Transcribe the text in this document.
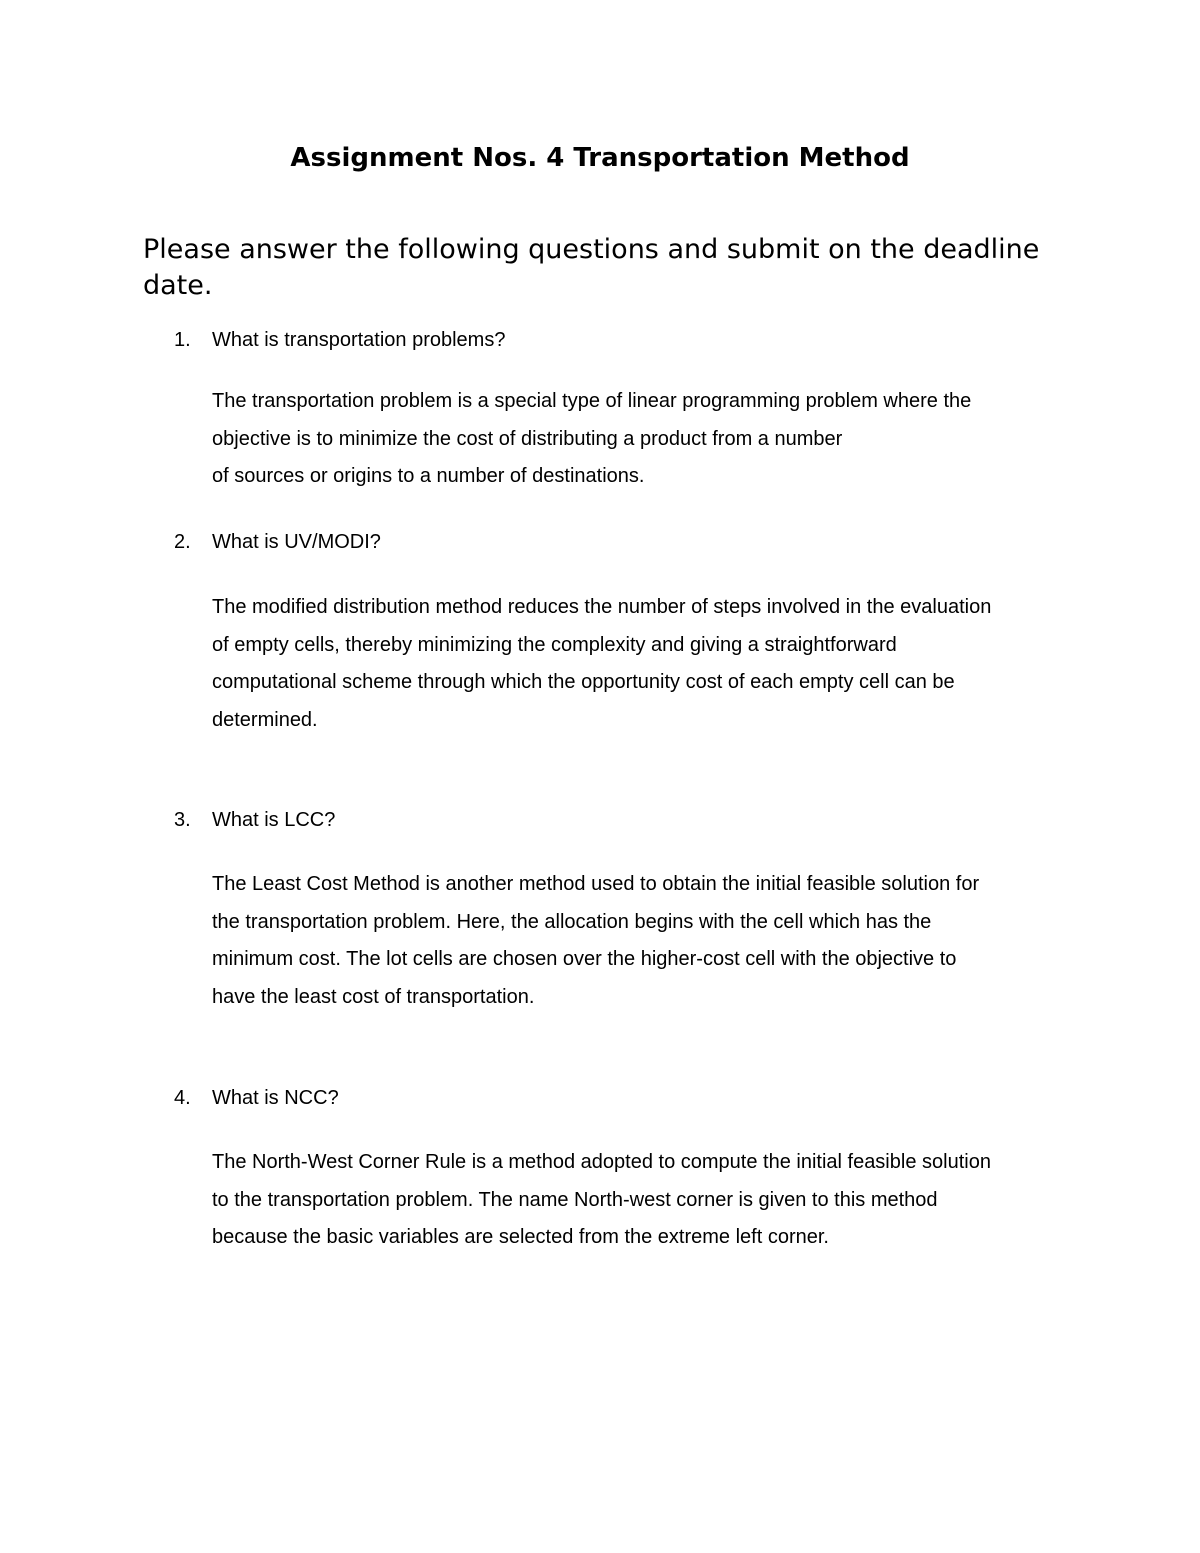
Assignment Nos. 4 Transportation Method

Please answer the following questions and submit on the deadline date.

1. What is transportation problems?

The transportation problem is a special type of linear programming problem where the
objective is to minimize the cost of distributing a product from a number
of sources or origins to a number of destinations.

2. What is UV/MODI?

The modified distribution method reduces the number of steps involved in the evaluation
of empty cells, thereby minimizing the complexity and giving a straightforward
computational scheme through which the opportunity cost of each empty cell can be
determined.

3. What is LCC?

The Least Cost Method is another method used to obtain the initial feasible solution for
the transportation problem. Here, the allocation begins with the cell which has the
minimum cost. The lot cells are chosen over the higher-cost cell with the objective to
have the least cost of transportation.

4. What is NCC?

The North-West Corner Rule is a method adopted to compute the initial feasible solution
to the transportation problem. The name North-west corner is given to this method
because the basic variables are selected from the extreme left corner.
